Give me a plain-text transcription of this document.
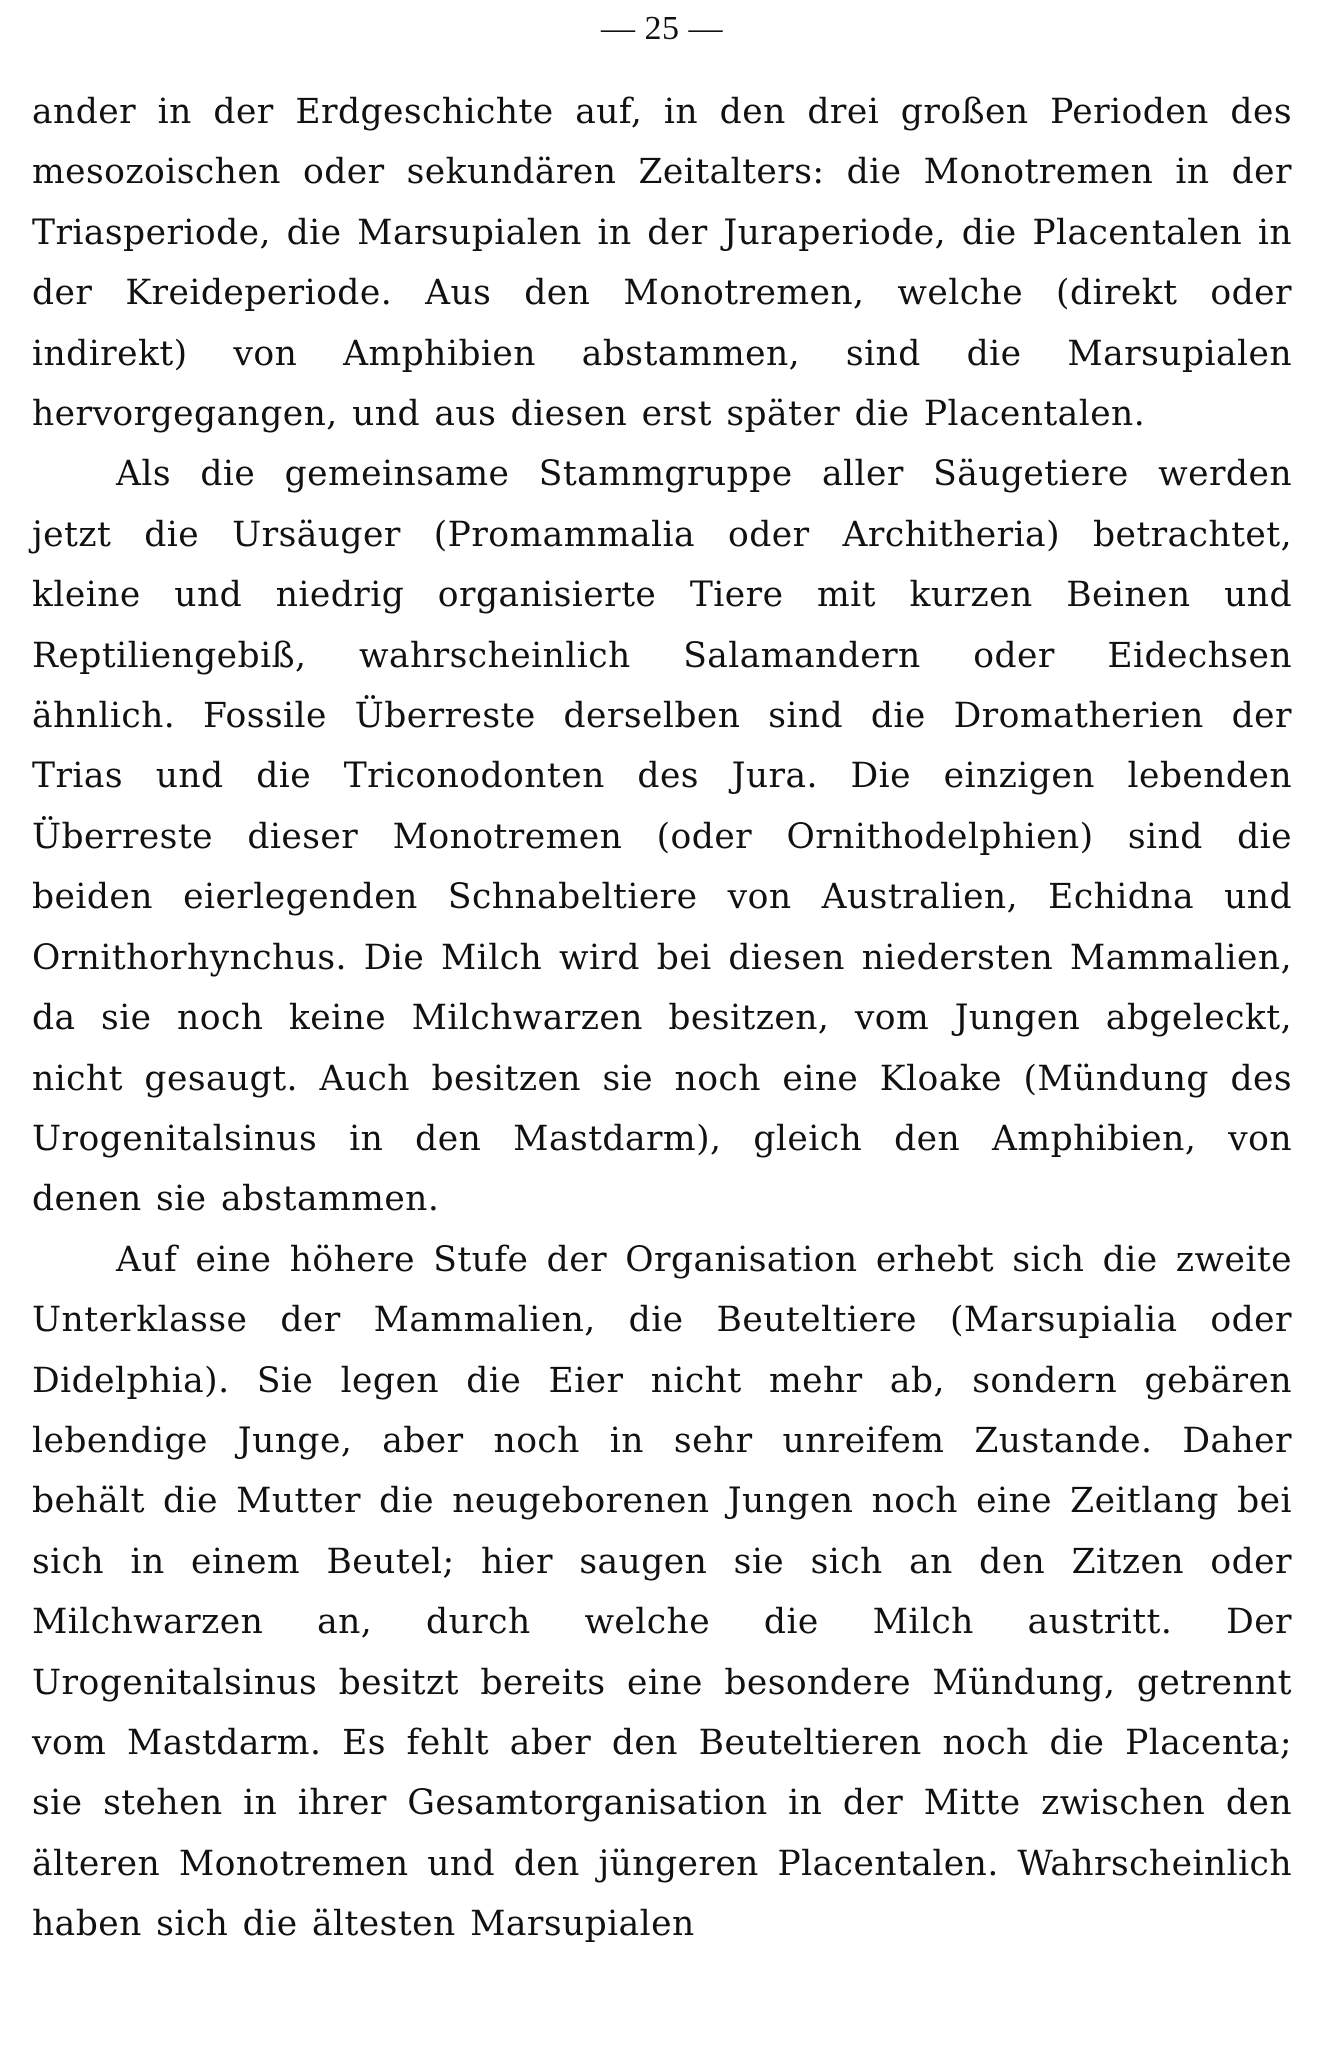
— 25 —

ander in der Erdgeschichte auf, in den drei großen Perioden des mesozoischen oder sekundären Zeitalters: die Monotremen in der Triasperiode, die Marsupialen in der Juraperiode, die Placentalen in der Kreideperiode. Aus den Monotremen, welche (direkt oder indirekt) von Amphibien abstammen, sind die Marsupialen hervorgegangen, und aus diesen erst später die Placentalen.

Als die gemeinsame Stammgruppe aller Säugetiere werden jetzt die Ursäuger (Promammalia oder Architheria) betrachtet, kleine und niedrig organisierte Tiere mit kurzen Beinen und Reptiliengebiß, wahrscheinlich Salamandern oder Eidechsen ähnlich. Fossile Überreste derselben sind die Dromatherien der Trias und die Triconodonten des Jura. Die einzigen lebenden Überreste dieser Monotremen (oder Ornithodelphien) sind die beiden eierlegenden Schnabeltiere von Australien, Echidna und Ornithorhynchus. Die Milch wird bei diesen niedersten Mammalien, da sie noch keine Milchwarzen besitzen, vom Jungen abgeleckt, nicht gesaugt. Auch besitzen sie noch eine Kloake (Mündung des Urogenitalsinus in den Mastdarm), gleich den Amphibien, von denen sie abstammen.

Auf eine höhere Stufe der Organisation erhebt sich die zweite Unterklasse der Mammalien, die Beuteltiere (Marsupialia oder Didelphia). Sie legen die Eier nicht mehr ab, sondern gebären lebendige Junge, aber noch in sehr unreifem Zustande. Daher behält die Mutter die neugeborenen Jungen noch eine Zeitlang bei sich in einem Beutel; hier saugen sie sich an den Zitzen oder Milchwarzen an, durch welche die Milch austritt. Der Urogenitalsinus besitzt bereits eine besondere Mündung, getrennt vom Mastdarm. Es fehlt aber den Beuteltieren noch die Placenta; sie stehen in ihrer Gesamtorganisation in der Mitte zwischen den älteren Monotremen und den jüngeren Placentalen. Wahrscheinlich haben sich die ältesten Marsupialen
